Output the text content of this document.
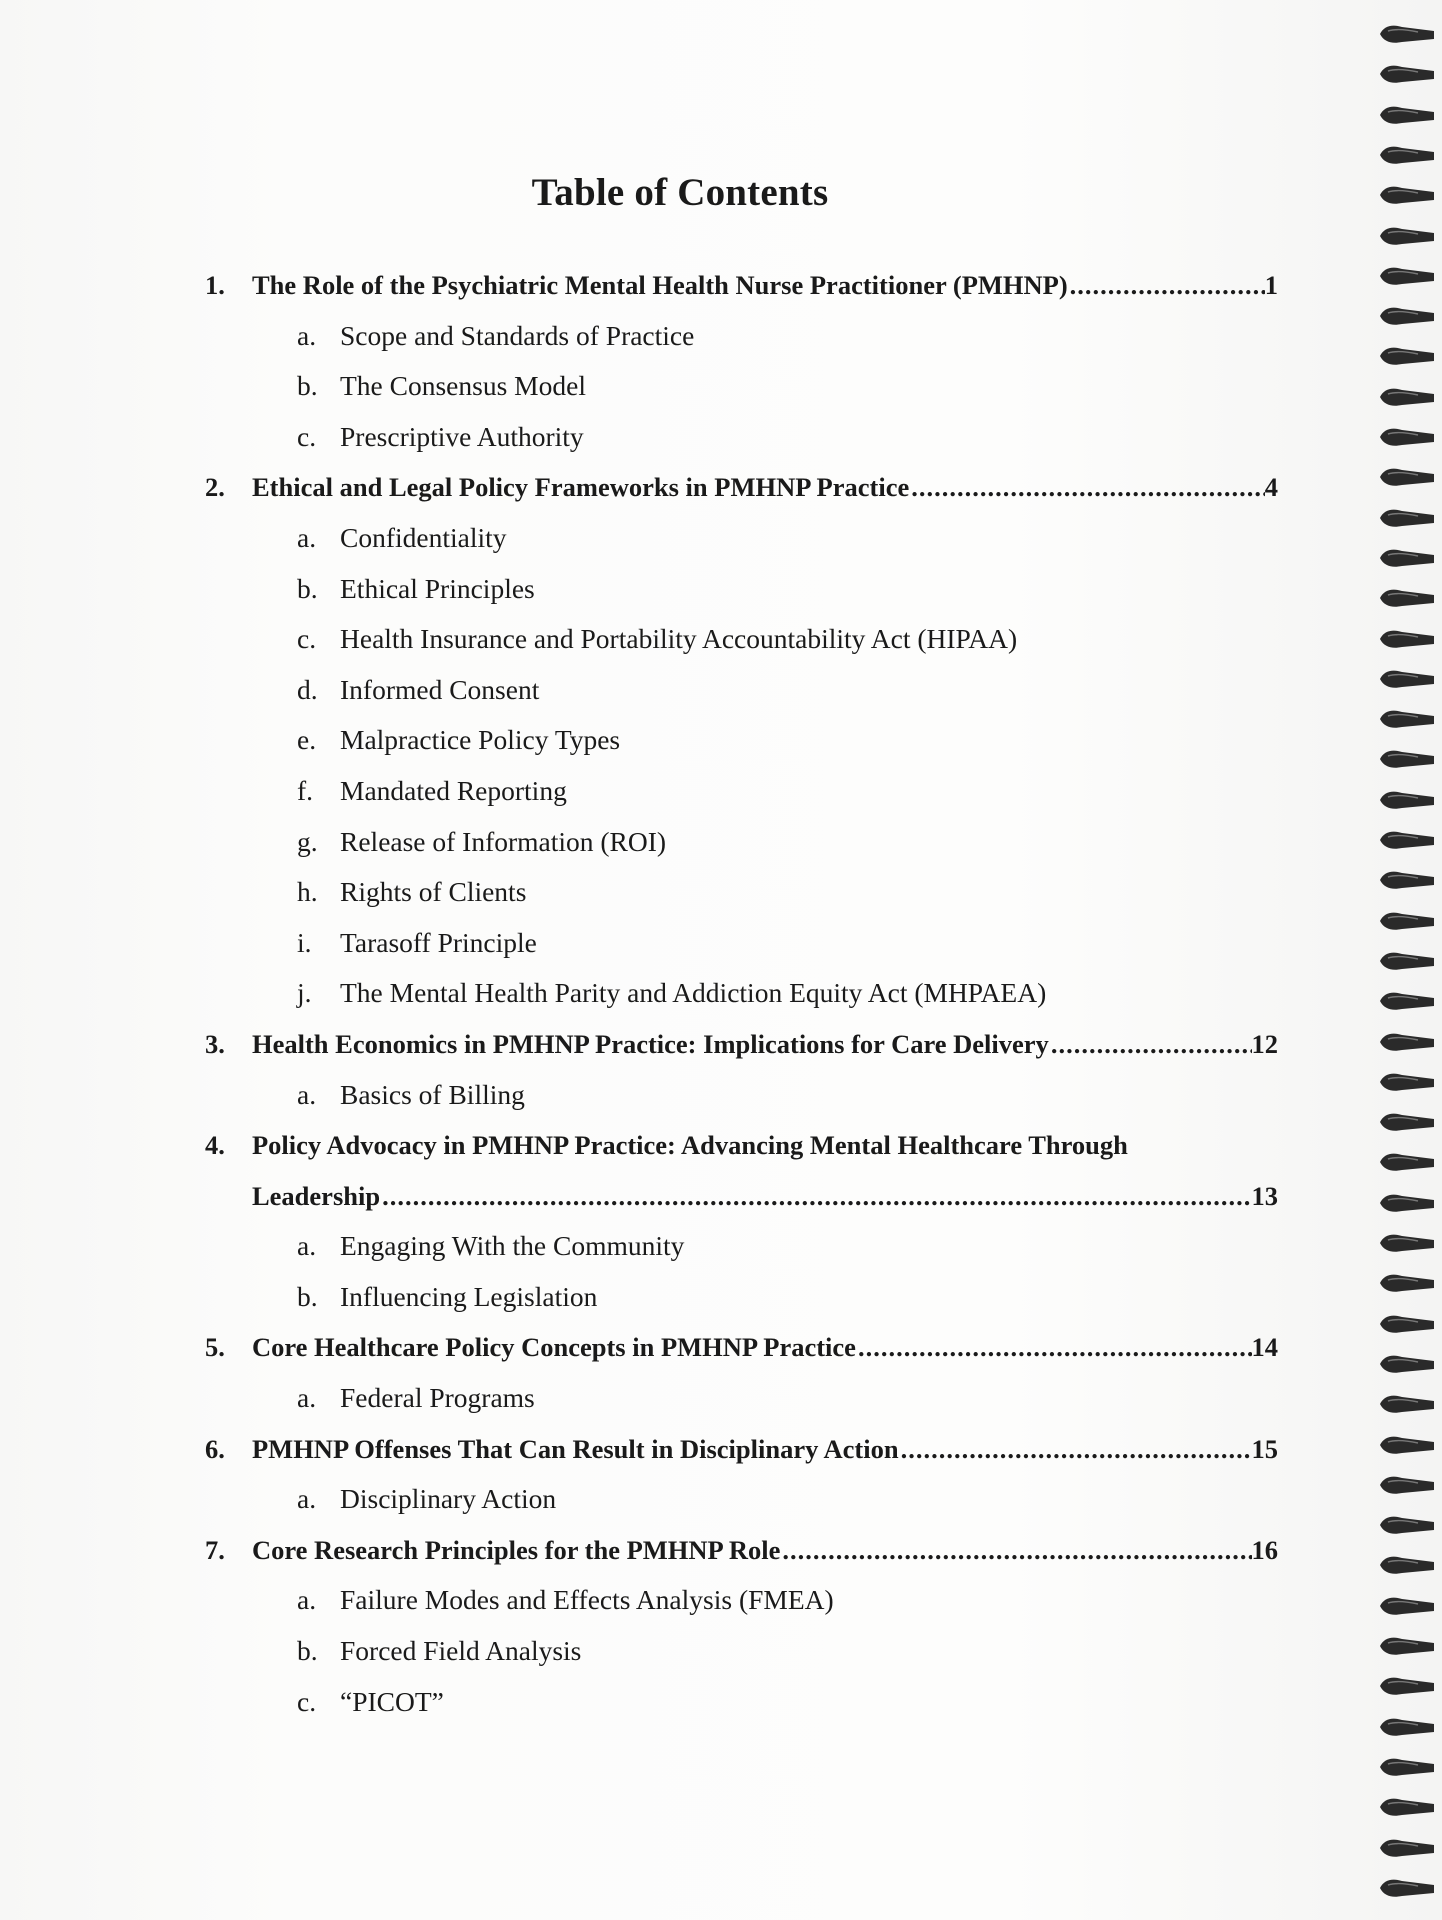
Table of Contents
1. The Role of the Psychiatric Mental Health Nurse Practitioner (PMHNP) .....	1
a. Scope and Standards of Practice
b. The Consensus Model
c. Prescriptive Authority
2. Ethical and Legal Policy Frameworks in PMHNP Practice .....	4
a. Confidentiality
b. Ethical Principles
c. Health Insurance and Portability Accountability Act (HIPAA)
d. Informed Consent
e. Malpractice Policy Types
f. Mandated Reporting
g. Release of Information (ROI)
h. Rights of Clients
i. Tarasoff Principle
j. The Mental Health Parity and Addiction Equity Act (MHPAEA)
3. Health Economics in PMHNP Practice: Implications for Care Delivery .....	12
a. Basics of Billing
4. Policy Advocacy in PMHNP Practice: Advancing Mental Healthcare Through
Leadership .....	13
a. Engaging With the Community
b. Influencing Legislation
5. Core Healthcare Policy Concepts in PMHNP Practice .....	14
a. Federal Programs
6. PMHNP Offenses That Can Result in Disciplinary Action .....	15
a. Disciplinary Action
7. Core Research Principles for the PMHNP Role .....	16
a. Failure Modes and Effects Analysis (FMEA)
b. Forced Field Analysis
c. “PICOT”
